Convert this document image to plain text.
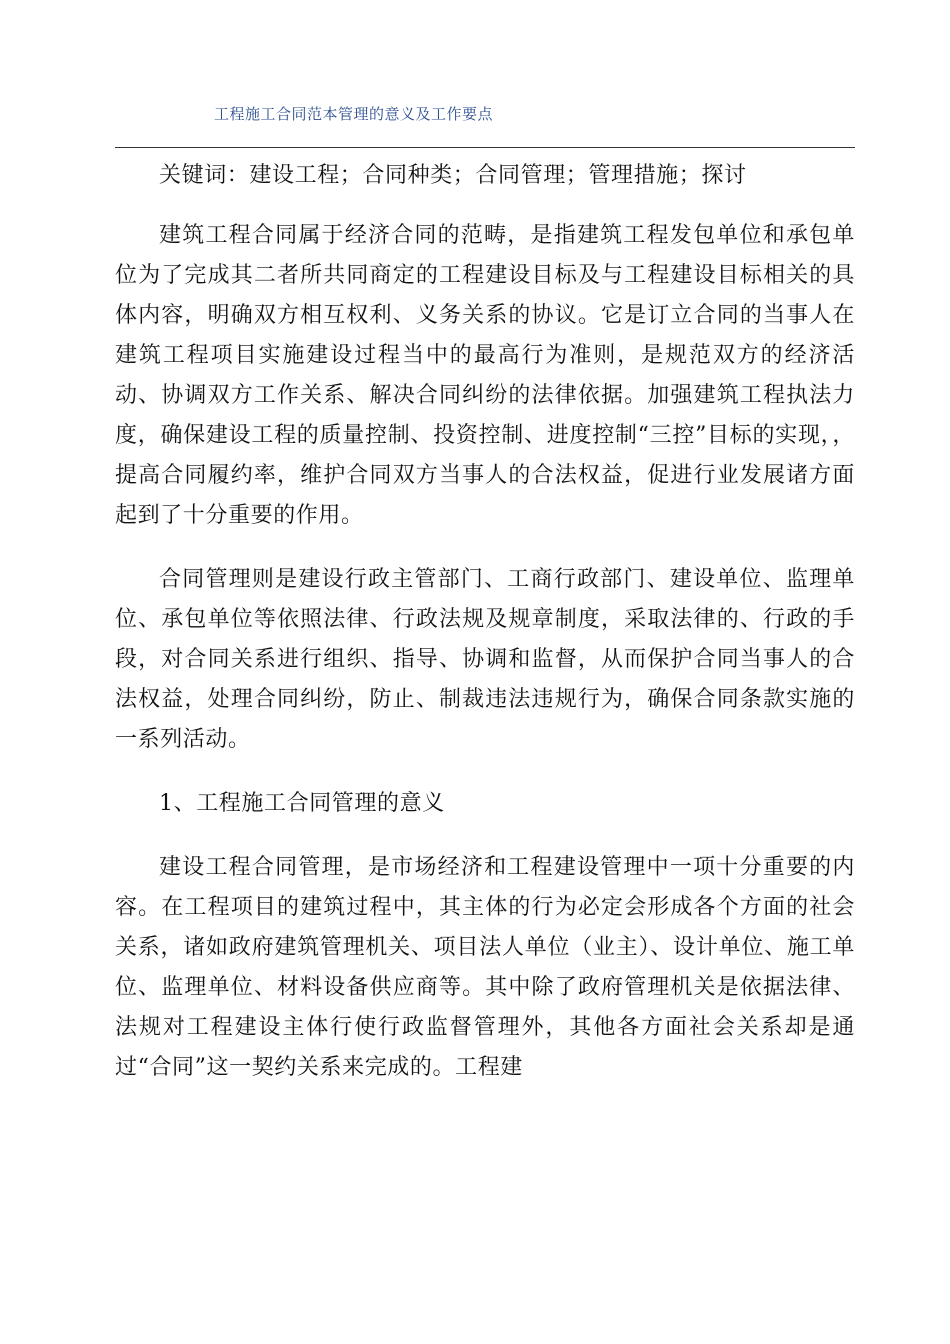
工程施工合同范本管理的意义及工作要点

关键词：建设工程；合同种类；合同管理；管理措施；探讨

建筑工程合同属于经济合同的范畴，是指建筑工程发包单位和承包单位为了完成其二者所共同商定的工程建设目标及与工程建设目标相关的具体内容，明确双方相互权利、义务关系的协议。它是订立合同的当事人在建筑工程项目实施建设过程当中的最高行为准则，是规范双方的经济活动、协调双方工作关系、解决合同纠纷的法律依据。加强建筑工程执法力度，确保建设工程的质量控制、投资控制、进度控制“三控”目标的实现，，提高合同履约率，维护合同双方当事人的合法权益，促进行业发展诸方面起到了十分重要的作用。

合同管理则是建设行政主管部门、工商行政部门、建设单位、监理单位、承包单位等依照法律、行政法规及规章制度，采取法律的、行政的手段，对合同关系进行组织、指导、协调和监督，从而保护合同当事人的合法权益，处理合同纠纷，防止、制裁违法违规行为，确保合同条款实施的一系列活动。

1、工程施工合同管理的意义

建设工程合同管理，是市场经济和工程建设管理中一项十分重要的内容。在工程项目的建筑过程中，其主体的行为必定会形成各个方面的社会关系，诸如政府建筑管理机关、项目法人单位（业主）、设计单位、施工单位、监理单位、材料设备供应商等。其中除了政府管理机关是依据法律、法规对工程建设主体行使行政监督管理外，其他各方面社会关系却是通过“合同”这一契约关系来完成的。工程建
